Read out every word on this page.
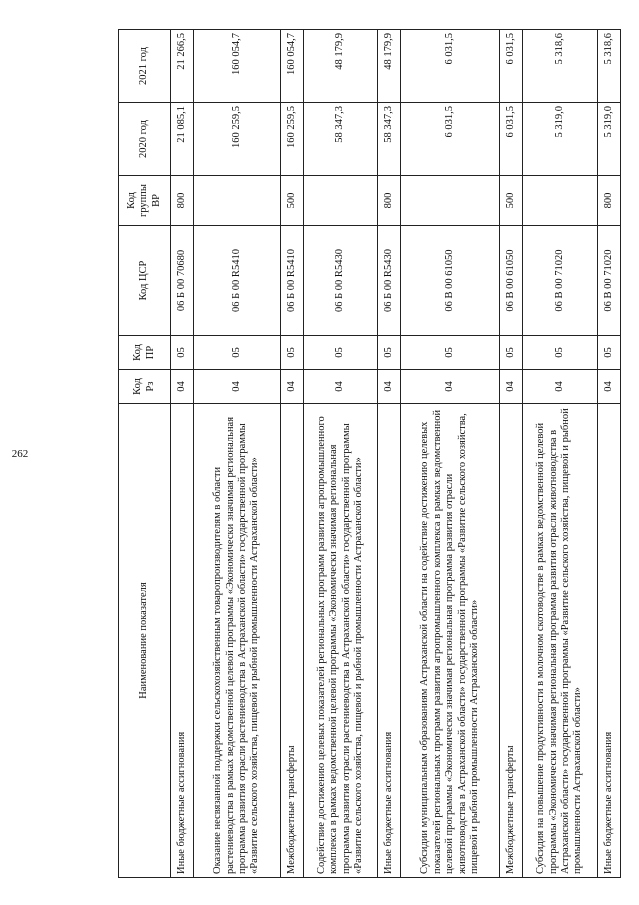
262
Наименование показателя	Код Рз	Код ПР	Код ЦСР	Код группы ВР	2020 год	2021 год
Иные бюджетные ассигнования	04	05	06 Б 00 70680	800	21 085,1	21 266,5
Оказание несвязанной поддержки сельскохозяйственным товаропроизводителям в области растениеводства в рамках ведомственной целевой программы «Экономически значимая региональная программа развития отрасли растениеводства в Астраханской области» государственной программы «Развитие сельского хозяйства, пищевой и рыбной промышленности Астраханской области»	04	05	06 Б 00 R5410		160 259,5	160 054,7
Межбюджетные трансферты	04	05	06 Б 00 R5410	500	160 259,5	160 054,7
Содействие достижению целевых показателей региональных программ развития агропромышленного комплекса в рамках ведомственной целевой программы «Экономически значимая региональная программа развития отрасли растениеводства в Астраханской области» государственной программы «Развитие сельского хозяйства, пищевой и рыбной промышленности Астраханской области»	04	05	06 Б 00 R5430		58 347,3	48 179,9
Иные бюджетные ассигнования	04	05	06 Б 00 R5430	800	58 347,3	48 179,9
Субсидии муниципальным образованиям Астраханской области на содействие достижению целевых показателей региональных программ развития агропромышленного комплекса в рамках ведомственной целевой программы «Экономически значимая региональная программа развития отрасли животноводства в Астраханской области» государственной программы «Развитие сельского хозяйства, пищевой и рыбной промышленности Астраханской области»	04	05	06 В 00 61050		6 031,5	6 031,5
Межбюджетные трансферты	04	05	06 В 00 61050	500	6 031,5	6 031,5
Субсидия на повышение продуктивности в молочном скотоводстве в рамках ведомственной целевой программы «Экономически значимая региональная программа развития отрасли животноводства в Астраханской области» государственной программы «Развитие сельского хозяйства, пищевой и рыбной промышленности Астраханской области»	04	05	06 В 00 71020		5 319,0	5 318,6
Иные бюджетные ассигнования	04	05	06 В 00 71020	800	5 319,0	5 318,6
